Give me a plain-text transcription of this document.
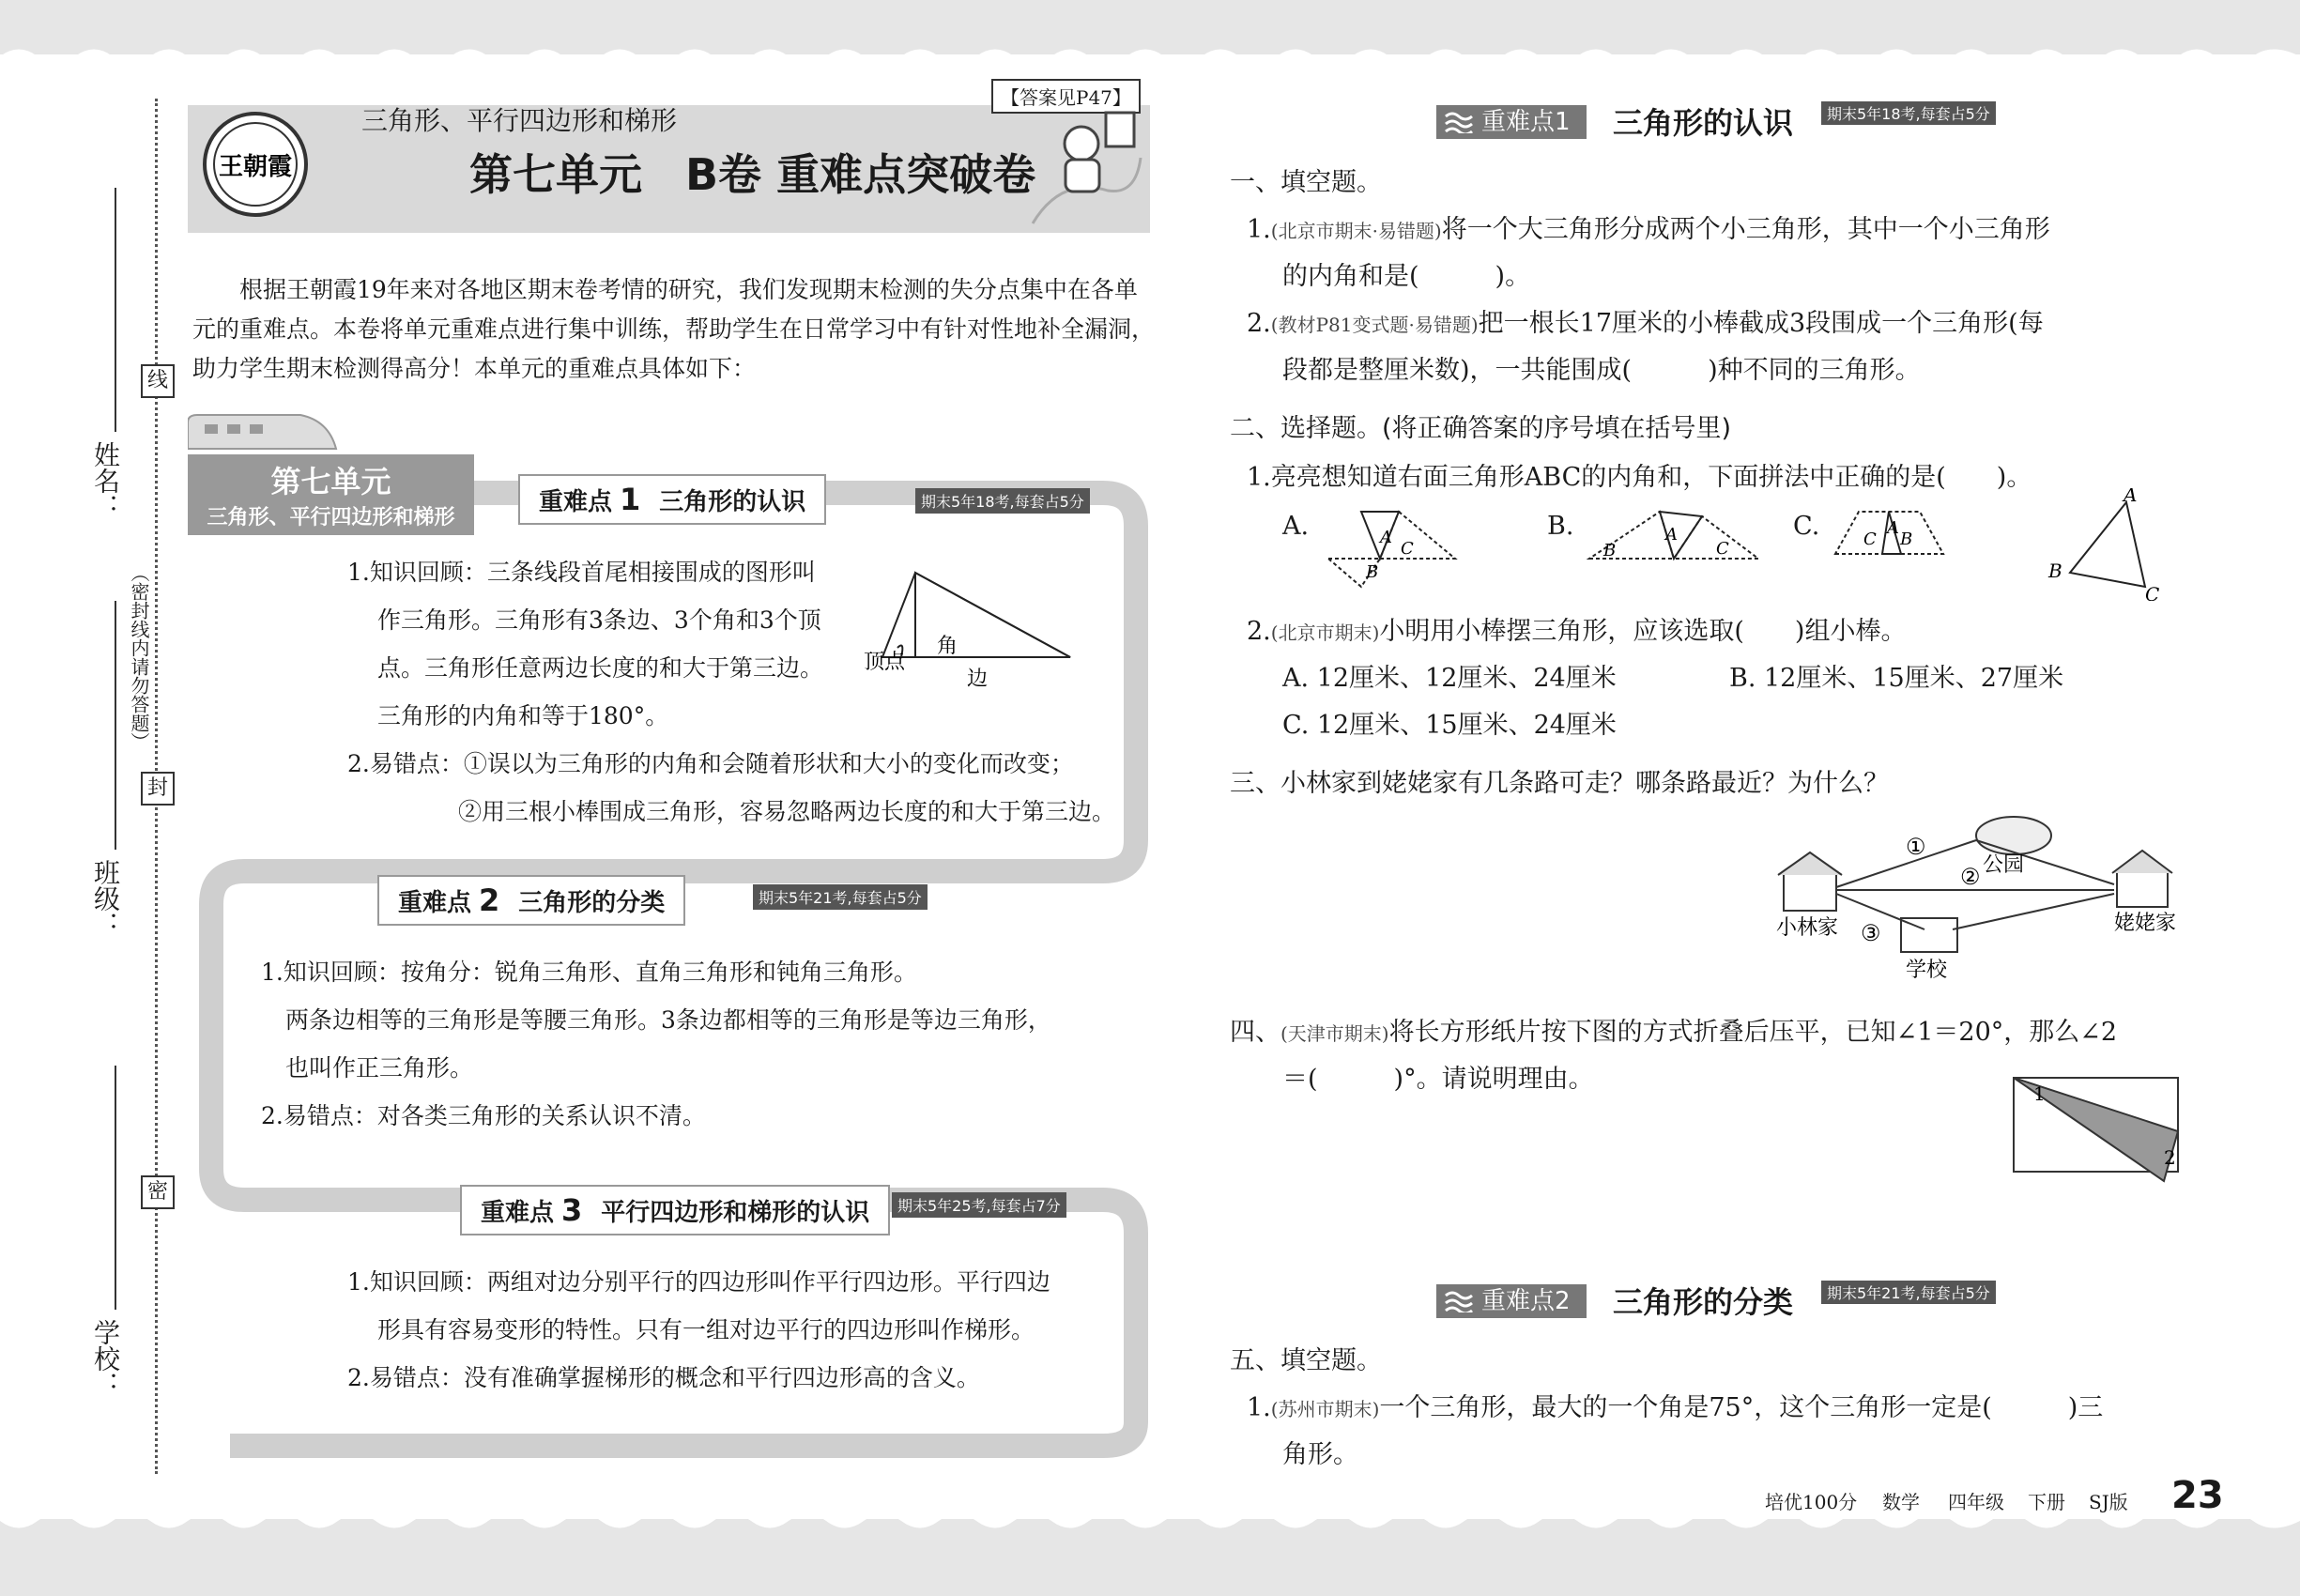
姓名：
班级：
学校：
（密封线内请勿答题）
线
封
密
王朝霞
三角形、平行四边形和梯形
第七单元　B卷 重难点突破卷
【答案见P47】
根据王朝霞19年来对各地区期末卷考情的研究，我们发现期末检测的失分点集中在各单元的重难点。本卷将单元重难点进行集中训练，帮助学生在日常学习中有针对性地补全漏洞，助力学生期末检测得高分！本单元的重难点具体如下：
第七单元
三角形、平行四边形和梯形
重难点 1 三角形的认识	期末5年18考,每套占5分
1.知识回顾：三条线段首尾相接围成的图形叫
作三角形。三角形有3条边、3个角和3个顶
点。三角形任意两边长度的和大于第三边。
三角形的内角和等于180°。
2.易错点：①误以为三角形的内角和会随着形状和大小的变化而改变；
②用三根小棒围成三角形，容易忽略两边长度的和大于第三边。
顶点
角
边
重难点 2 三角形的分类	期末5年21考,每套占5分
1.知识回顾：按角分：锐角三角形、直角三角形和钝角三角形。
两条边相等的三角形是等腰三角形。3条边都相等的三角形是等边三角形，
也叫作正三角形。
2.易错点：对各类三角形的关系认识不清。
重难点 3 平行四边形和梯形的认识	期末5年25考,每套占7分
1.知识回顾：两组对边分别平行的四边形叫作平行四边形。平行四边
形具有容易变形的特性。只有一组对边平行的四边形叫作梯形。
2.易错点：没有准确掌握梯形的概念和平行四边形高的含义。
重难点1	三角形的认识	期末5年18考,每套占5分
一、填空题。
1.(北京市期末·易错题)将一个大三角形分成两个小三角形，其中一个小三角形
的内角和是(　　　)。
2.(教材P81变式题·易错题)把一根长17厘米的小棒截成3段围成一个三角形(每
段都是整厘米数)，一共能围成(　　　)种不同的三角形。
二、选择题。(将正确答案的序号填在括号里)
1.亮亮想知道右面三角形ABC的内角和，下面拼法中正确的是(　　)。
A.	A
C
B
B.
B
A
C
C.	C
A
B
A
B
C
2.(北京市期末)小明用小棒摆三角形，应该选取(　　)组小棒。
A. 12厘米、12厘米、24厘米	B. 12厘米、15厘米、27厘米
C. 12厘米、15厘米、24厘米
三、小林家到姥姥家有几条路可走？哪条路最近？为什么？
①
②
③
小林家	姥姥家
公园
学校
四、(天津市期末)将长方形纸片按下图的方式折叠后压平，已知∠1＝20°，那么∠2
＝(　　　)°。请说明理由。	1
2
重难点2	三角形的分类	期末5年21考,每套占5分
五、填空题。
1.(苏州市期末)一个三角形，最大的一个角是75°，这个三角形一定是(　　　)三
角形。
培优100分 数学 四年级 下册 SJ版 23
